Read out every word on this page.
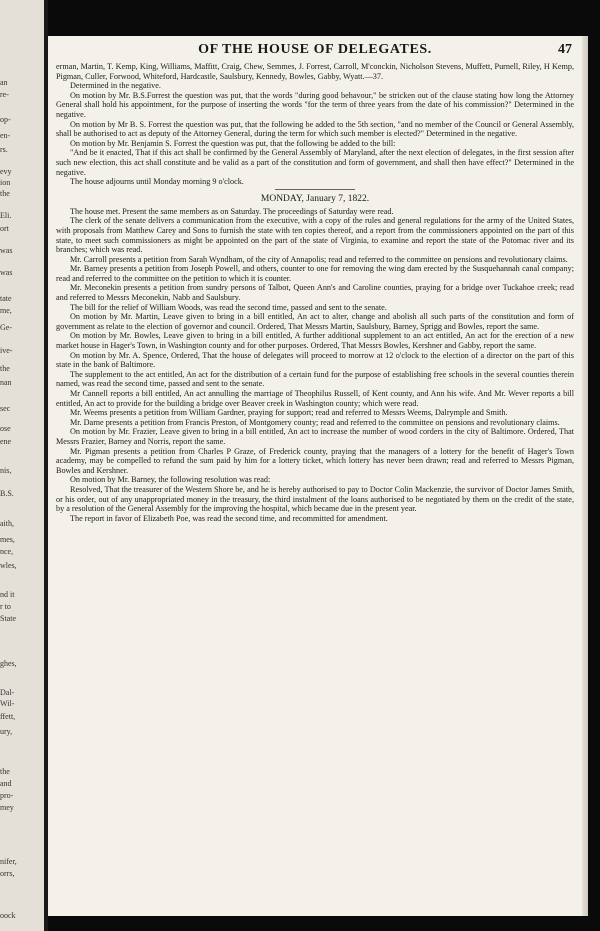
an
re-
op-
en-
rs.
evy
ion
the
Eli.
ort
was
was
tate
me,
Ge-
ive-
the
nan
sec
ose
ene
nis,
B.S.
aith,
mes,
nce,
wles,
nd it
r to
State
ghes,
Dal-
Wil-
ffett,
ury,
the
and
pro-
mey
nifer,
orrs,
oock
OF THE HOUSE OF DELEGATES.	47

erman, Martin, T. Kemp, King, Williams, Maffitt, Craig, Chew, Semmes, J. Forrest, Carroll, M'conckin, Nicholson Stevens, Muffett, Purnell, Riley, H Kemp, Pigman, Culler, Forwood, Whiteford, Hardcastle, Saulsbury, Kennedy, Bowles, Gabby, Wyatt.—37.

Determined in the negative.

On motion by Mr. B.S.Forrest the question was put, that the words "during good behavour," be stricken out of the clause stating how long the Attorney General shall hold his appointment, for the purpose of inserting the words "for the term of three years from the date of his commission?" Determined in the negative.

On motion by Mr B. S. Forrest the question was put, that the following be added to the 5th section, "and no member of the Council or General Assembly, shall be authorised to act as deputy of the Attorney General, during the term for which such member is elected?" Determined in the negative.

On motion by Mr. Benjamin S. Forrest the question was put, that the following be added to the bill:

"And be it enacted, That if this act shall be confirmed by the General Assembly of Maryland, after the next election of delegates, in the first session after such new election, this act shall constitute and be valid as a part of the constitution and form of government, and shall then have effect?" Determined in the negative.

The house adjourns until Monday morning 9 o'clock.

MONDAY, January 7, 1822.

The house met. Present the same members as on Saturday. The proceedings of Saturday were read.

The clerk of the senate delivers a communication from the executive, with a copy of the rules and general regulations for the army of the United States, with proposals from Matthew Carey and Sons to furnish the state with ten copies thereof, and a report from the commissioners appointed on the part of this state, to meet such commissioners as might be appointed on the part of the state of Virginia, to examine and report the state of the Potomac river and its branches; which was read.

Mr. Carroll presents a petition from Sarah Wyndham, of the city of Annapolis; read and referred to the committee on pensions and revolutionary claims.

Mr. Barney presents a petition from Joseph Powell, and others, counter to one for removing the wing dam erected by the Susquehannah canal company; read and referred to the committee on the petition to which it is counter.

Mr. Meconekin presents a petition from sundry persons of Talbot, Queen Ann's and Caroline counties, praying for a bridge over Tuckahoe creek; read and referred to Messrs Meconekin, Nabb and Saulsbury.

The bill for the relief of William Woods, was read the second time, passed and sent to the senate.

On motion by Mr. Martin, Leave given to bring in a bill entitled, An act to alter, change and abolish all such parts of the constitution and form of government as relate to the election of governor and council. Ordered, That Messrs Martin, Saulsbury, Barney, Sprigg and Bowles, report the same.

On motion by Mr. Bowles, Leave given to bring in a bill entitled, A further additional supplement to an act entitled, An act for the erection of a new market house in Hager's Town, in Washington county and for other purposes. Ordered, That Messrs Bowles, Kershner and Gabby, report the same.

On motion by Mr. A. Spence, Ordered, That the house of delegates will proceed to morrow at 12 o'clock to the election of a director on the part of this state in the bank of Baltimore.

The supplement to the act entitled, An act for the distribution of a certain fund for the purpose of establishing free schools in the several counties therein named, was read the second time, passed and sent to the senate.

Mr Cannell reports a bill entitled, An act annulling the marriage of Theophilus Russell, of Kent county, and Ann his wife. And Mr. Wever reports a bill entitled, An act to provide for the building a bridge over Beaver creek in Washington county; which were read.

Mr. Weems presents a petition from William Gardner, praying for support; read and referred to Messrs Weems, Dalrymple and Smith.

Mr. Darne presents a petition from Francis Preston, of Montgomery county; read and referred to the committee on pensions and revolutionary claims.

On motion by Mr. Frazier, Leave given to bring in a bill entitled, An act to increase the number of wood corders in the city of Baltimore. Ordered, That Messrs Frazier, Barney and Norris, report the same.

Mr. Pigman presents a petition from Charles P Graze, of Frederick county, praying that the managers of a lottery for the benefit of Hager's Town academy, may be compelled to refund the sum paid by him for a lottery ticket, which lottery has never been drawn; read and referred to Messrs Pigman, Bowles and Kershner.

On motion by Mr. Barney, the following resolution was read:

Resolved, That the treasurer of the Western Shore be, and he is hereby authorised to pay to Doctor Colin Mackenzie, the survivor of Doctor James Smith, or his order, out of any unappropriated money in the treasury, the third instalment of the loans authorised to be negotiated by them on the credit of the state, by a resolution of the General Assembly for the improving the hospital, which became due in the present year.

The report in favor of Elizabeth Poe, was read the second time, and recommitted for amendment.
